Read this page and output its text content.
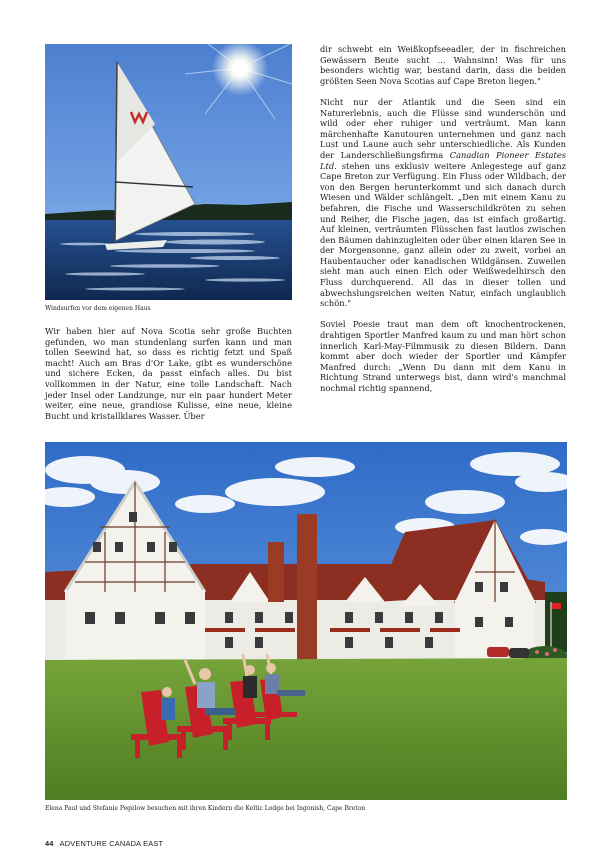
Windsurfen vor dem eigenen Haus

Wir haben hier auf Nova Scotia sehr große Buchten gefunden, wo man stundenlang surfen kann und man tollen Seewind hat, so dass es richtig fetzt und Spaß macht! Auch am Bras d'Or Lake, gibt es wunderschöne und sichere Ecken, da passt einfach alles. Du bist vollkommen in der Natur, eine tolle Landschaft. Nach jeder Insel oder Landzunge, nur ein paar hundert Meter weiter, eine neue, grandiose Kulisse, eine neue, kleine Bucht und kristallklares Wasser. Über

dir schwebt ein Weißkopfseeadler, der in fischreichen Gewässern Beute sucht … Wahnsinn! Was für uns besonders wichtig war, bestand darin, dass die beiden größten Seen Nova Scotias auf Cape Breton liegen."

Nicht nur der Atlantik und die Seen sind ein Naturerlebnis, auch die Flüsse sind wunderschön und wild oder eher ruhiger und verträumt. Man kann märchenhafte Kanutouren unternehmen und ganz nach Lust und Laune auch sehr unterschiedliche. Als Kunden der Landerschließungsfirma Canadian Pioneer Estates Ltd. stehen uns exklusiv weitere Anlegestege auf ganz Cape Breton zur Verfügung. Ein Fluss oder Wildbach, der von den Bergen herunterkommt und sich danach durch Wiesen und Wälder schlängelt. „Den mit einem Kanu zu befahren, die Fische und Wasserschildkröten zu sehen und Reiher, die Fische jagen, das ist einfach großartig. Auf kleinen, verträumten Flüsschen fast lautlos zwischen den Bäumen dahinzugleiten oder über einen klaren See in der Morgensonne, ganz allein oder zu zweit, vorbei an Haubentaucher oder kanadischen Wildgänsen. Zuweilen sieht man auch einen Elch oder Weißwedelhirsch den Fluss durchquerend. All das in dieser tollen und abwechslungsreichen weiten Natur, einfach unglaublich schön."

Soviel Poesie traut man dem oft knochentrockenen, drahtigen Sportler Manfred kaum zu und man hört schon innerlich Karl-May-Filmmusik zu diesen Bildern. Dann kommt aber doch wieder der Sportler und Kämpfer Manfred durch: „Wenn Du dann mit dem Kanu in Richtung Strand unterwegs bist, dann wird's manchmal nochmal richtig spannend,

Elena Paul und Stefanie Pegelow besuchen mit ihren Kindern die Keltic Lodge bei Ingonish, Cape Breton
44 ADVENTURE CANADA EAST
